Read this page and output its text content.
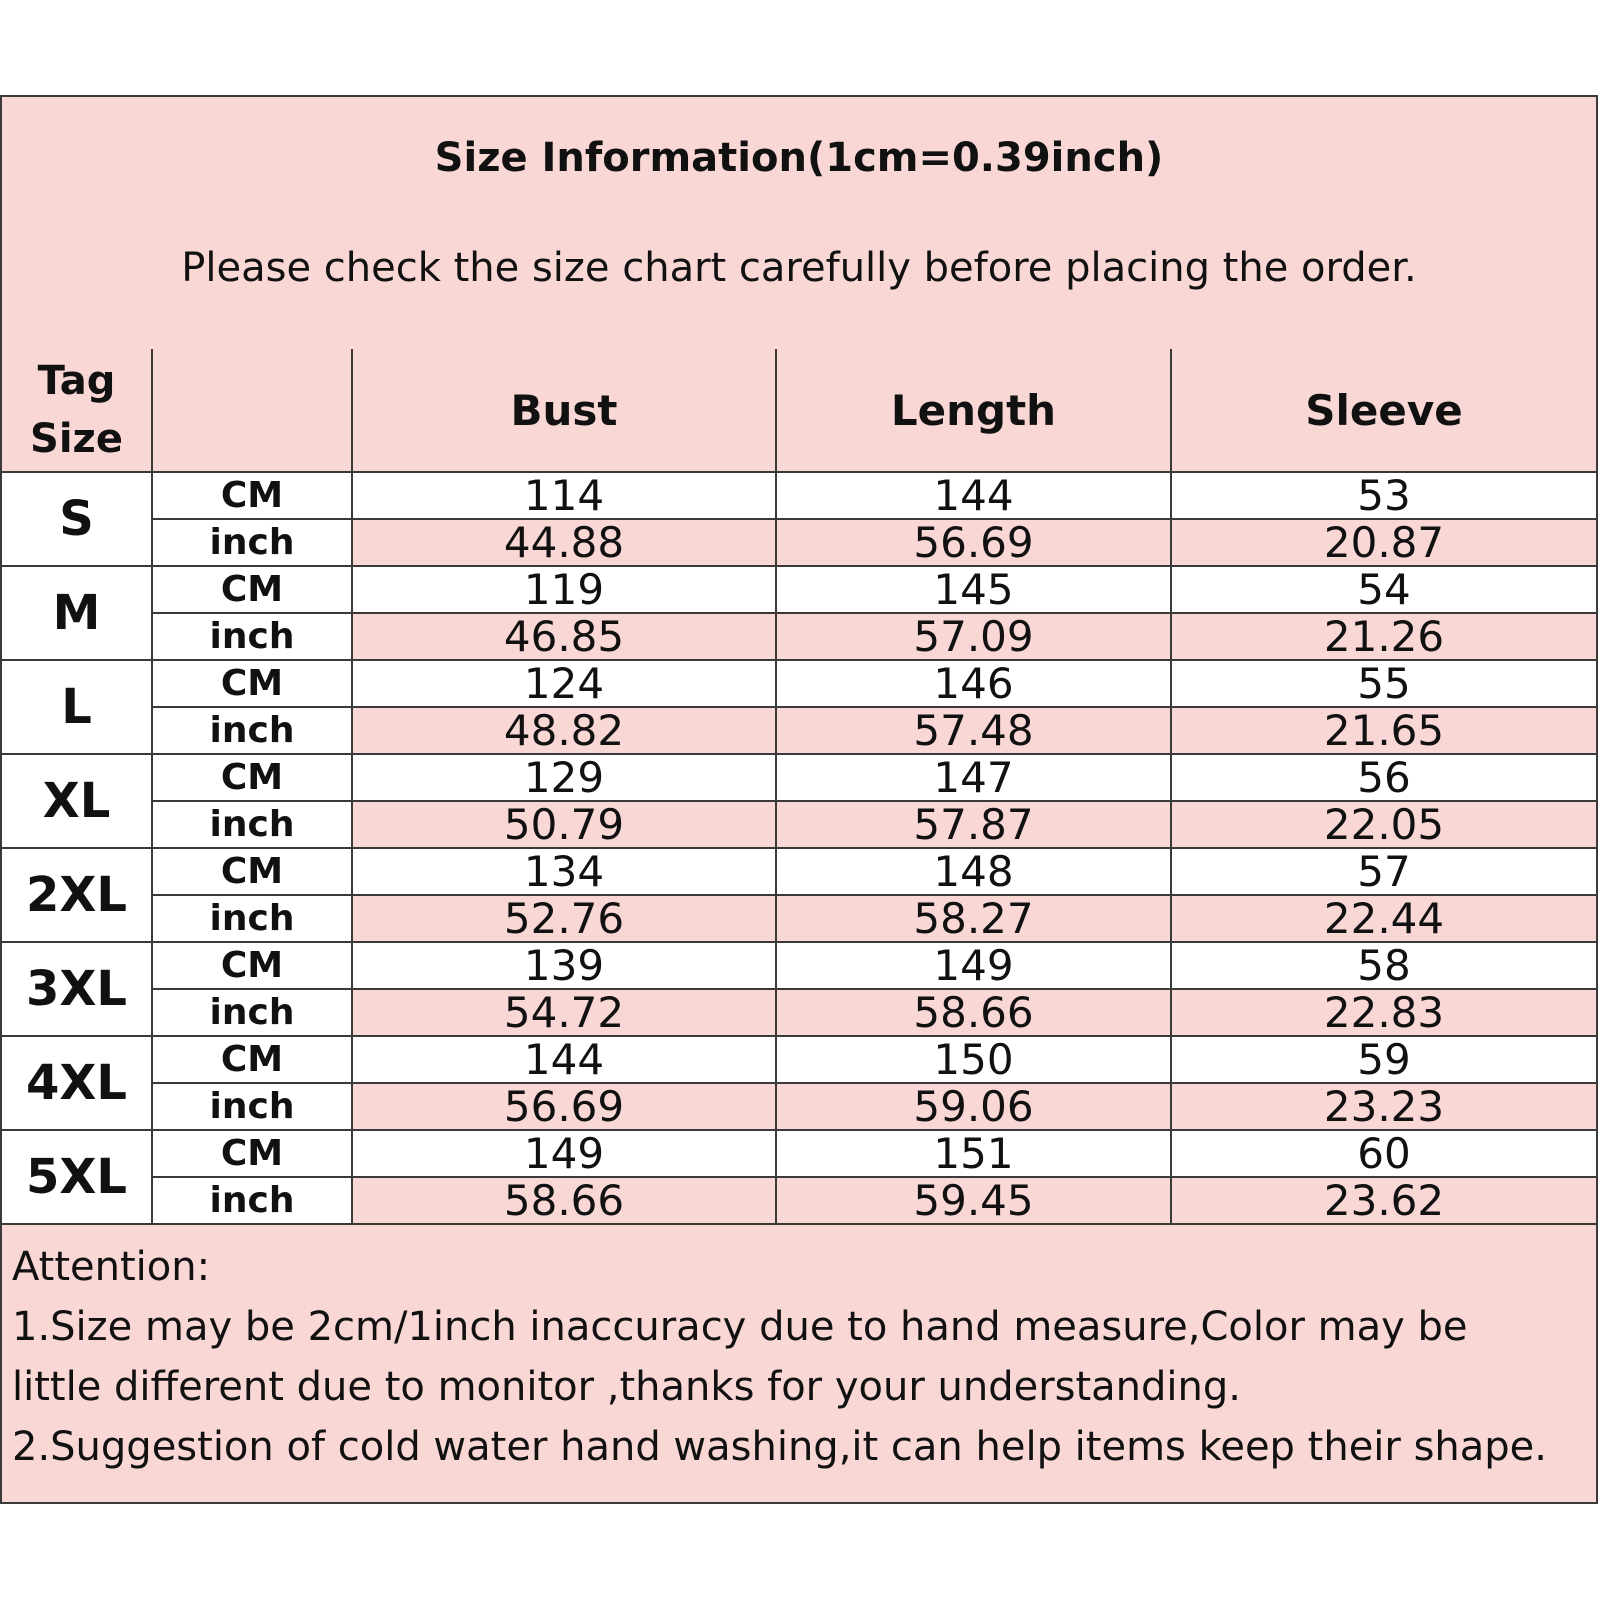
Size Information(1cm=0.39inch)
Please check the size chart carefully before placing the order.
Tag Size		Bust	Length	Sleeve
S	CM	114	144	53
	inch	44.88	56.69	20.87
M	CM	119	145	54
	inch	46.85	57.09	21.26
L	CM	124	146	55
	inch	48.82	57.48	21.65
XL	CM	129	147	56
	inch	50.79	57.87	22.05
2XL	CM	134	148	57
	inch	52.76	58.27	22.44
3XL	CM	139	149	58
	inch	54.72	58.66	22.83
4XL	CM	144	150	59
	inch	56.69	59.06	23.23
5XL	CM	149	151	60
	inch	58.66	59.45	23.62
Attention:
1.Size may be 2cm/1inch inaccuracy due to hand measure,Color may be
little different due to monitor ,thanks for your understanding.
2.Suggestion of cold water hand washing,it can help items keep their shape.
